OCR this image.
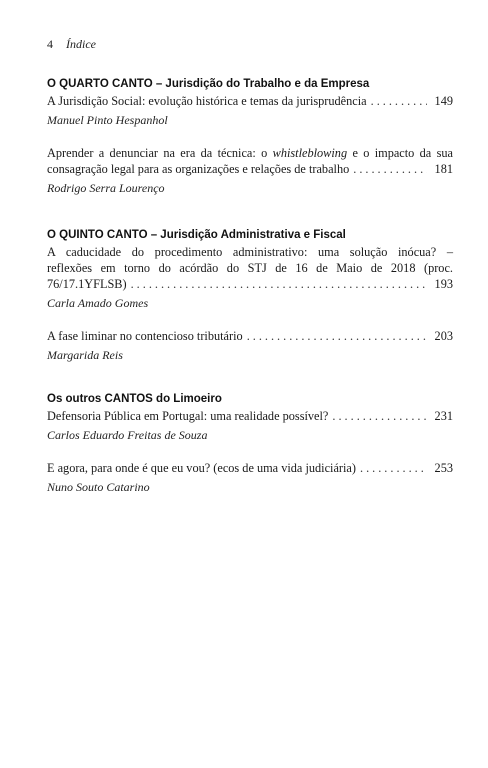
4 Índice
O QUARTO CANTO – Jurisdição do Trabalho e da Empresa
A Jurisdição Social: evolução histórica e temas da jurisprudência .....	149
Manuel Pinto Hespanhol
Aprender a denunciar na era da técnica: o whistleblowing e o impacto da sua
consagração legal para as organizações e relações de trabalho .....	181
Rodrigo Serra Lourenço
O QUINTO CANTO – Jurisdição Administrativa e Fiscal
A caducidade do procedimento administrativo: uma solução inócua? –
reflexões em torno do acórdão do STJ de 16 de Maio de 2018 (proc.
76/17.1YFLSB) .....	193
Carla Amado Gomes
A fase liminar no contencioso tributário .....	203
Margarida Reis
Os outros CANTOS do Limoeiro
Defensoria Pública em Portugal: uma realidade possível? .....	231
Carlos Eduardo Freitas de Souza
E agora, para onde é que eu vou? (ecos de uma vida judiciária) .....	253
Nuno Souto Catarino
